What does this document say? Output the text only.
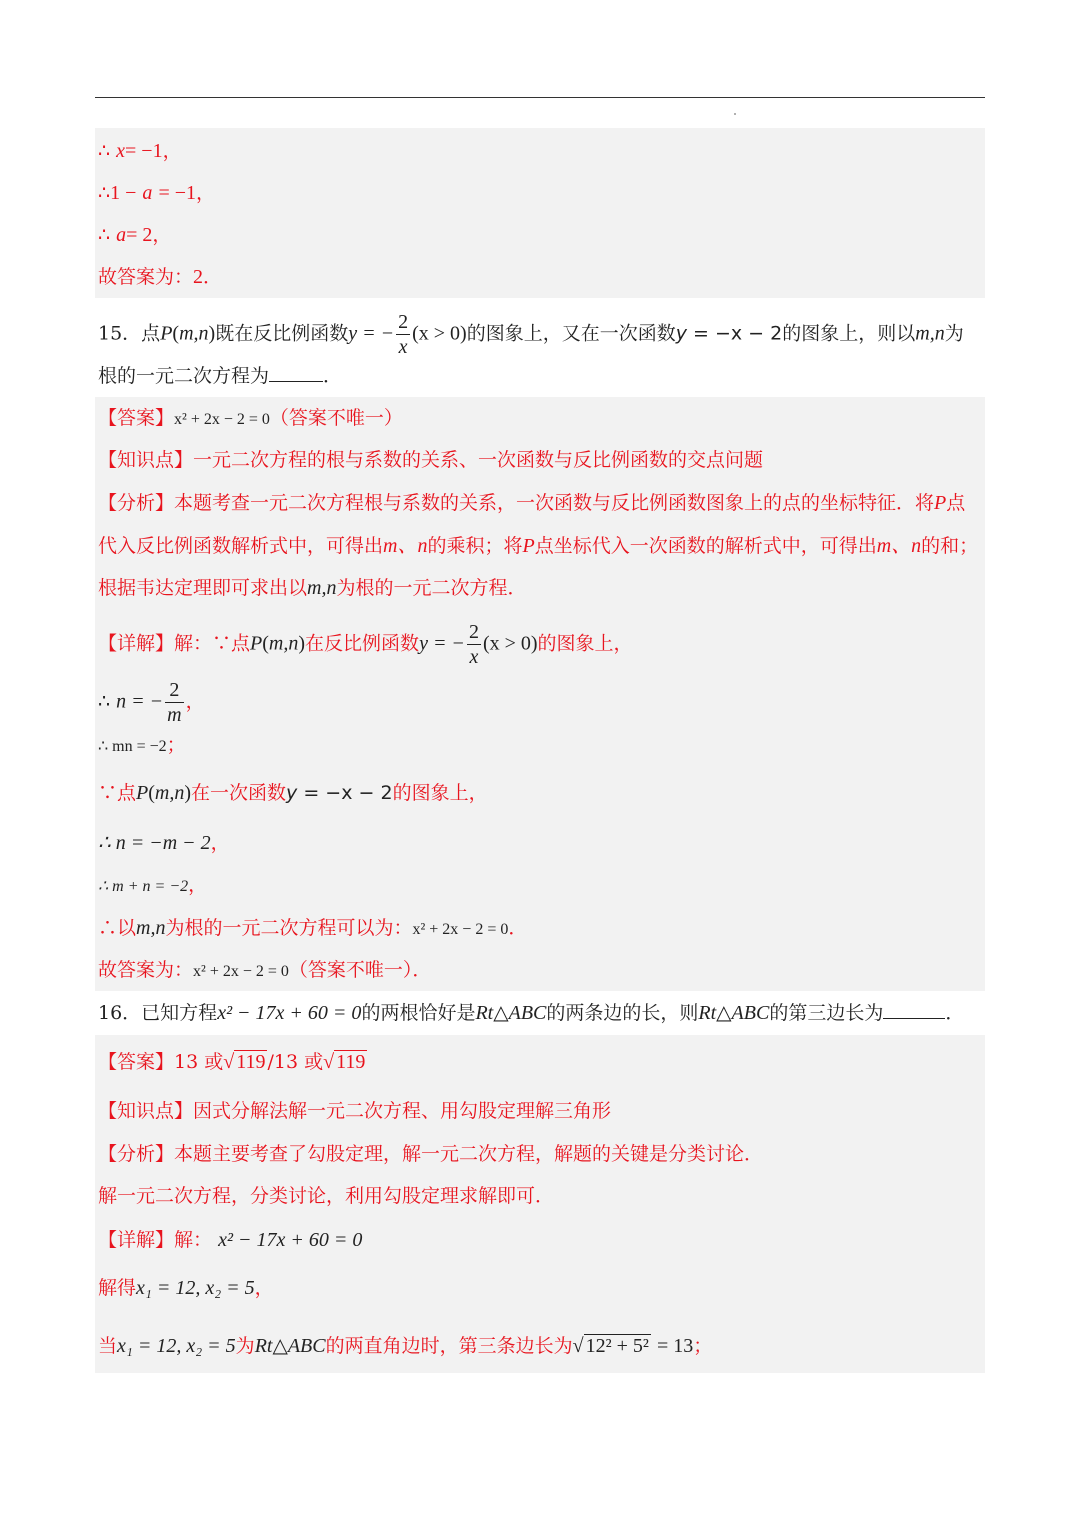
∴ x= −1，
∴1 − a = −1，
∴ a= 2，
故答案为：2．
15．点P(m,n)既在反比例函数y = − $\frac{2}{x} (x > 0)$的图象上，又在一次函数y = −x − 2的图象上，则以m,n为
根的一元二次方程为	．
【答案】x² + 2x − 2 = 0（答案不唯一）
【知识点】一元二次方程的根与系数的关系、一次函数与反比例函数的交点问题
【分析】本题考查一元二次方程根与系数的关系，一次函数与反比例函数图象上的点的坐标特征．将P点
代入反比例函数解析式中，可得出m、n的乘积；将P点坐标代入一次函数的解析式中，可得出m、n的和；
根据韦达定理即可求出以m,n为根的一元二次方程．
【详解】解：∵点P(m,n)在反比例函数y = − $\frac{2}{x} (x > 0)$的图象上，
∴ n = − $\frac{2}{m}$ ，
∴ mn = −2；
∵点P(m,n)在一次函数y = −x − 2的图象上，
∴ n = −m − 2，
∴ m + n = −2，
∴以m,n为根的一元二次方程可以为：x² + 2x − 2 = 0．
故答案为：x² + 2x − 2 = 0（答案不唯一）．
16．已知方程x² − 17x + 60 = 0的两根恰好是Rt△ABC的两条边的长，则Rt△ABC的第三边长为	．
【答案】13 或√ 119 /13 或√ 119
【知识点】因式分解法解一元二次方程、用勾股定理解三角形
【分析】本题主要考查了勾股定理，解一元二次方程，解题的关键是分类讨论．
解一元二次方程，分类讨论，利用勾股定理求解即可．
【详解】解： x² − 17x + 60 = 0
解得x₁ = 12, x₂ = 5，
当x₁ = 12, x₂ = 5为Rt△ABC的两直角边时，第三条边长为√ 12² + 5² = 13；
